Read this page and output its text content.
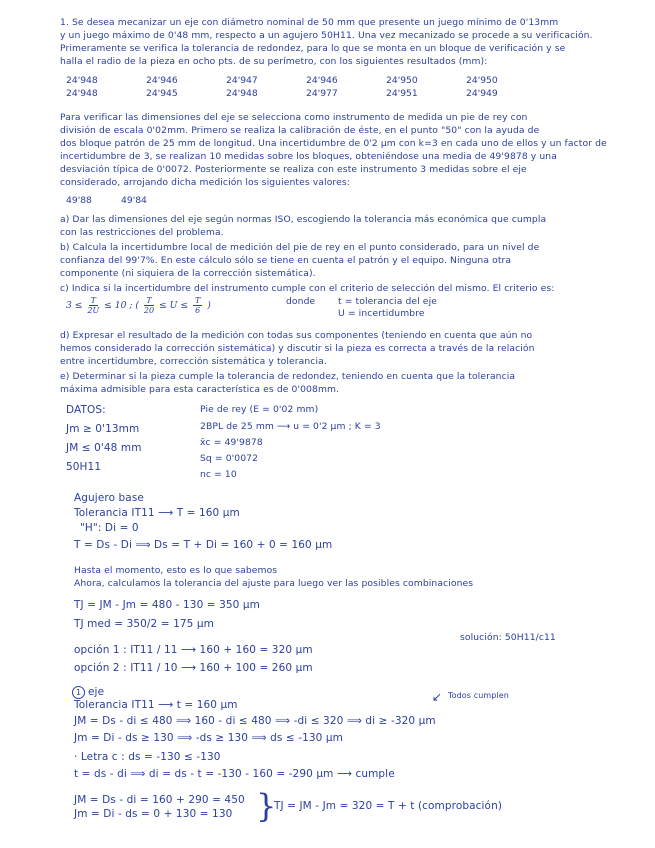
1. Se desea mecanizar un eje con diámetro nominal de 50 mm que presente un juego mínimo de 0'13mm
y un juego máximo de 0'48 mm, respecto a un agujero 50H11. Una vez mecanizado se procede a su verificación.
Primeramente se verifica la tolerancia de redondez, para lo que se monta en un bloque de verificación y se
halla el radio de la pieza en ocho pts. de su perímetro, con los siguientes resultados (mm):
24'948	24'946	24'947	24'946	24'950	24'950
24'948	24'945	24'948	24'977	24'951	24'949
Para verificar las dimensiones del eje se selecciona como instrumento de medida un pie de rey con
división de escala 0'02mm. Primero se realiza la calibración de éste, en el punto "50" con la ayuda de
dos bloque patrón de 25 mm de longitud. Una incertidumbre de 0'2 µm con k=3 en cada uno de ellos y un factor de
incertidumbre de 3, se realizan 10 medidas sobre los bloques, obteniéndose una media de 49'9878 y una
desviación típica de 0'0072. Posteriormente se realiza con este instrumento 3 medidas sobre el eje
considerado, arrojando dicha medición los siguientes valores:
49'88	49'84
a) Dar las dimensiones del eje según normas ISO, escogiendo la tolerancia más económica que cumpla
con las restricciones del problema.
b) Calcula la incertidumbre local de medición del pie de rey en el punto considerado, para un nivel de
confianza del 99'7%. En este cálculo sólo se tiene en cuenta el patrón y el equipo. Ninguna otra
componente (ni siquiera de la corrección sistemática).
c) Indica si la incertidumbre del instrumento cumple con el criterio de selección del mismo. El criterio es:
$3 \le \frac{T}{2U} \le 10$ ; ( $\frac{T}{20} \le U \le \frac{T}{6}$ )	donde t = tolerancia del eje
U = incertidumbre
d) Expresar el resultado de la medición con todas sus componentes (teniendo en cuenta que aún no
hemos considerado la corrección sistemática) y discutir si la pieza es correcta a través de la relación
entre incertidumbre, corrección sistemática y tolerancia.
e) Determinar si la pieza cumple la tolerancia de redondez, teniendo en cuenta que la tolerancia
máxima admisible para esta característica es de 0'008mm.
DATOS:
Jm ≥ 0'13mm
JM ≤ 0'48 mm
50H11
Pie de rey (E = 0'02 mm)
2BPL de 25 mm ⟶ u = 0'2 µm ; K = 3
x̄c = 49'9878
Sq = 0'0072
nc = 10
Agujero base
Tolerancia IT11 ⟶ T = 160 µm
"H": Di = 0
T = Ds - Di ⟹ Ds = T + Di = 160 + 0 = 160 µm
Hasta el momento, esto es lo que sabemos
Ahora, calculamos la tolerancia del ajuste para luego ver las posibles combinaciones
TJ = JM - Jm = 480 - 130 = 350 µm
TJ med = 350/2 = 175 µm
solución: 50H11/c11
opción 1 : IT11 / 11 ⟶ 160 + 160 = 320 µm
opción 2 : IT11 / 10 ⟶ 160 + 100 = 260 µm
1 eje	Todos cumplen
↙
Tolerancia IT11 ⟶ t = 160 µm
JM = Ds - di ≤ 480 ⟹ 160 - di ≤ 480 ⟹ -di ≤ 320 ⟹ di ≥ -320 µm
Jm = Di - ds ≥ 130 ⟹ -ds ≥ 130 ⟹ ds ≤ -130 µm
· Letra c : ds = -130 ≤ -130
t = ds - di ⟹ di = ds - t = -130 - 160 = -290 µm ⟶ cumple
JM = Ds - di = 160 + 290 = 450
Jm = Di - ds = 0 + 130 = 130 }
TJ = JM - Jm = 320 = T + t (comprobación)
